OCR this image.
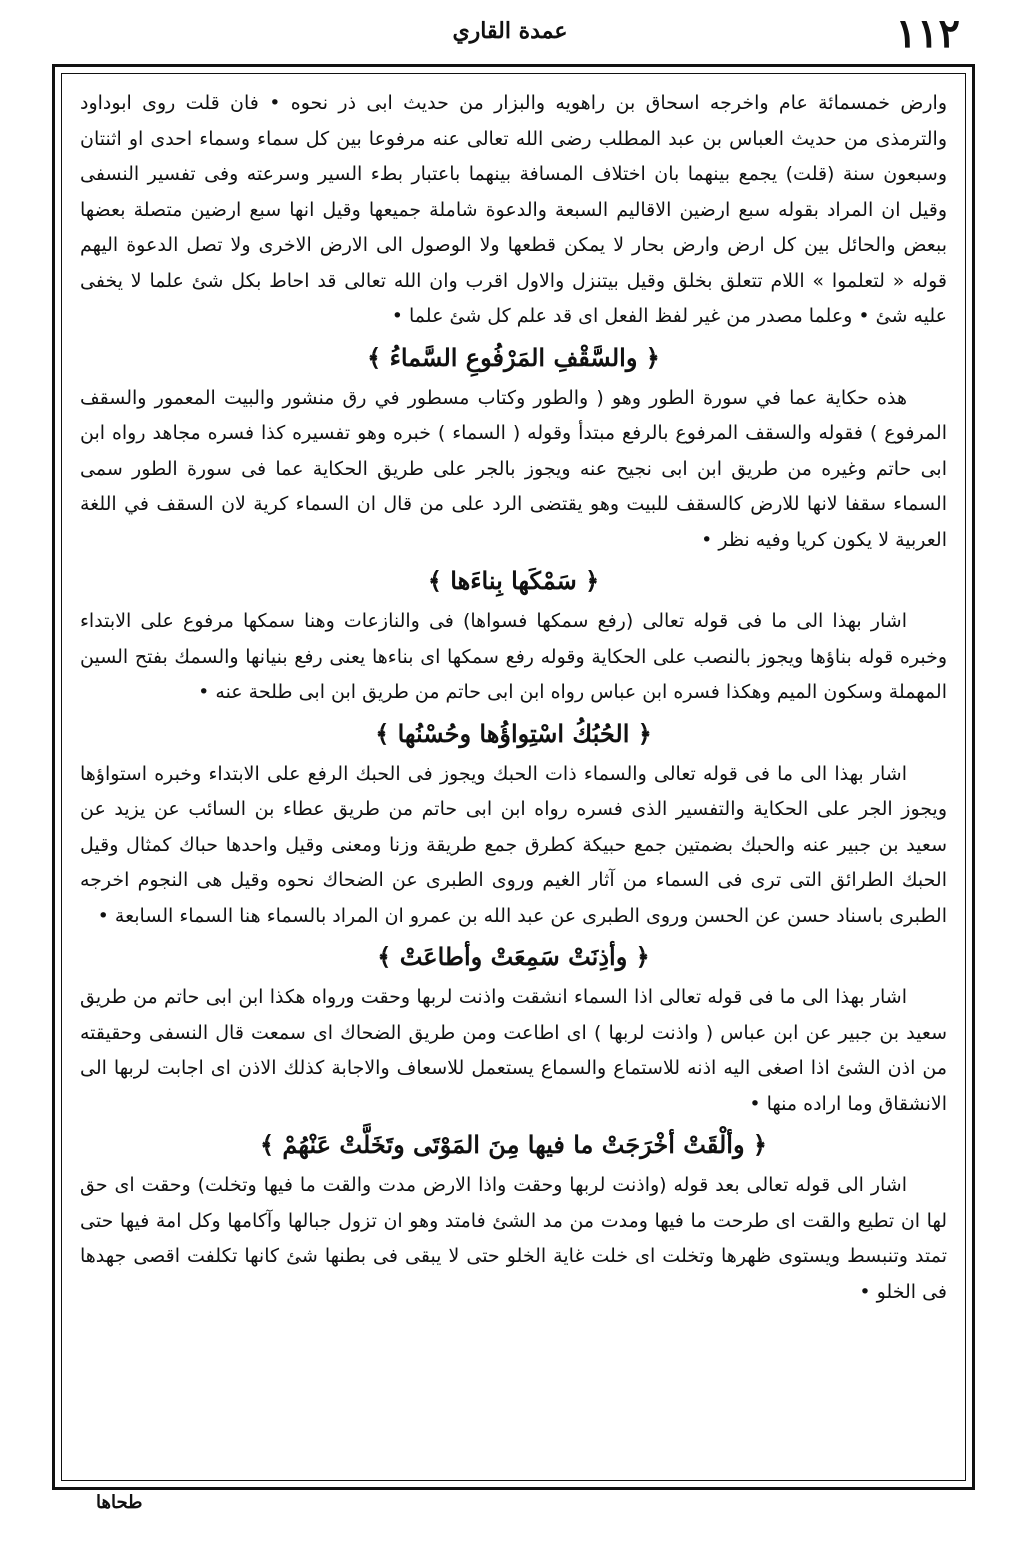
١١٢
عمدة القاري

وارض خمسمائة عام واخرجه اسحاق بن راهويه والبزار من حديث ابى ذر نحوه • فان قلت روى ابوداود والترمذى من حديث العباس بن عبد المطلب رضى الله تعالى عنه مرفوعا بين كل سماء وسماء احدى او اثنتان وسبعون سنة (قلت) يجمع بينهما بان اختلاف المسافة بينهما باعتبار بطء السير وسرعته وفى تفسير النسفى وقيل ان المراد بقوله سبع ارضين الاقاليم السبعة والدعوة شاملة جميعها وقيل انها سبع ارضين متصلة بعضها ببعض والحائل بين كل ارض وارض بحار لا يمكن قطعها ولا الوصول الى الارض الاخرى ولا تصل الدعوة اليهم قوله « لتعلموا » اللام تتعلق بخلق وقيل بيتنزل والاول اقرب وان الله تعالى قد احاط بكل شئ علما لا يخفى عليه شئ • وعلما مصدر من غير لفظ الفعل اى قد علم كل شئ علما •

﴿ والسَّقْفِ المَرْفُوعِ السَّماءُ ﴾

هذه حكاية عما في سورة الطور وهو ( والطور وكتاب مسطور في رق منشور والبيت المعمور والسقف المرفوع ) فقوله والسقف المرفوع بالرفع مبتدأ وقوله ( السماء ) خبره وهو تفسيره كذا فسره مجاهد رواه ابن ابى حاتم وغيره من طريق ابن ابى نجيح عنه ويجوز بالجر على طريق الحكاية عما فى سورة الطور سمى السماء سقفا لانها للارض كالسقف للبيت وهو يقتضى الرد على من قال ان السماء كرية لان السقف في اللغة العربية لا يكون كريا وفيه نظر •

﴿ سَمْكَها بِناءَها ﴾

اشار بهذا الى ما فى قوله تعالى (رفع سمكها فسواها) فى والنازعات وهنا سمكها مرفوع على الابتداء وخبره قوله بناؤها ويجوز بالنصب على الحكاية وقوله رفع سمكها اى بناءها يعنى رفع بنيانها والسمك بفتح السين المهملة وسكون الميم وهكذا فسره ابن عباس رواه ابن ابى حاتم من طريق ابن ابى طلحة عنه •

﴿ الحُبُكُ اسْتِواؤُها وحُسْنُها ﴾

اشار بهذا الى ما فى قوله تعالى والسماء ذات الحبك ويجوز فى الحبك الرفع على الابتداء وخبره استواؤها ويجوز الجر على الحكاية والتفسير الذى فسره رواه ابن ابى حاتم من طريق عطاء بن السائب عن يزيد عن سعيد بن جبير عنه والحبك بضمتين جمع حبيكة كطرق جمع طريقة وزنا ومعنى وقيل واحدها حباك كمثال وقيل الحبك الطرائق التى ترى فى السماء من آثار الغيم وروى الطبرى عن الضحاك نحوه وقيل هى النجوم اخرجه الطبرى باسناد حسن عن الحسن وروى الطبرى عن عبد الله بن عمرو ان المراد بالسماء هنا السماء السابعة •

﴿ وأذِنَتْ سَمِعَتْ وأطاعَتْ ﴾

اشار بهذا الى ما فى قوله تعالى اذا السماء انشقت واذنت لربها وحقت ورواه هكذا ابن ابى حاتم من طريق سعيد بن جبير عن ابن عباس ( واذنت لربها ) اى اطاعت ومن طريق الضحاك اى سمعت قال النسفى وحقيقته من اذن الشئ اذا اصغى اليه اذنه للاستماع والسماع يستعمل للاسعاف والاجابة كذلك الاذن اى اجابت لربها الى الانشقاق وما اراده منها •

﴿ وألْقَتْ أخْرَجَتْ ما فيها مِنَ المَوْتَى وتَخَلَّتْ عَنْهُمْ ﴾

اشار الى قوله تعالى بعد قوله (واذنت لربها وحقت واذا الارض مدت والقت ما فيها وتخلت) وحقت اى حق لها ان تطيع والقت اى طرحت ما فيها ومدت من مد الشئ فامتد وهو ان تزول جبالها وآكامها وكل امة فيها حتى تمتد وتنبسط ويستوى ظهرها وتخلت اى خلت غاية الخلو حتى لا يبقى فى بطنها شئ كانها تكلفت اقصى جهدها فى الخلو •

طحاها
